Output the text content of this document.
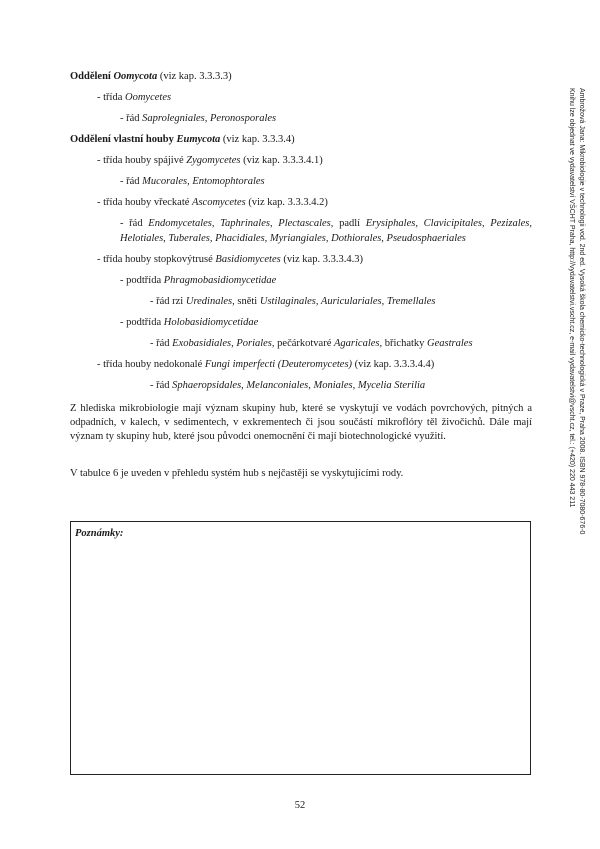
Oddělení Oomycota (viz kap. 3.3.3.3)

- třída Oomycetes

- řád Saprolegniales, Peronosporales

Oddělení vlastní houby Eumycota (viz kap. 3.3.3.4)

- třída houby spájivé Zygomycetes (viz kap. 3.3.3.4.1)

- řád Mucorales, Entomophtorales

- třída houby vřeckaté Ascomycetes (viz kap. 3.3.3.4.2)

- řád Endomycetales, Taphrinales, Plectascales, padlí Erysiphales, Clavicipitales, Pezizales, Helotiales, Tuberales, Phacidiales, Myriangiales, Dothiorales, Pseudosphaeriales

- třída houby stopkovýtrusé Basidiomycetes (viz kap. 3.3.3.4.3)

- podtřída Phragmobasidiomycetidae

- řád rzi Uredinales, sněti Ustilaginales, Auriculariales, Tremellales

- podtřída Holobasidiomycetidae

- řád Exobasidiales, Poriales, pečárkotvaré Agaricales, břichatky Geastrales

- třída houby nedokonalé Fungi imperfecti (Deuteromycetes) (viz kap. 3.3.3.4.4)

- řád Sphaeropsidales, Melanconiales, Moniales, Mycelia Sterilia

Z hlediska mikrobiologie mají význam skupiny hub, které se vyskytují ve vodách povrchových, pitných a odpadních, v kalech, v sedimentech, v exkrementech či jsou součástí mikroflóry těl živočichů. Dále mají význam ty skupiny hub, které jsou původci onemocnění či mají biotechnologické využití.

V tabulce 6 je uveden v přehledu systém hub s nejčastěji se vyskytujícími rody.

Poznámky:
52
Ambrožová Jana: Mikrobiologie v technologii vod. 2nd ed. Vysoká škola chemicko-technologická v Praze, Praha 2008. ISBN 978-80-7080-676-0
Knihu lze objednat ve vydavatelství VŠCHT Praha, http://vydavatelstvi.vscht.cz, e-mail vydavatelstvi@vscht.cz, tel.: (+420) 220 443 211
